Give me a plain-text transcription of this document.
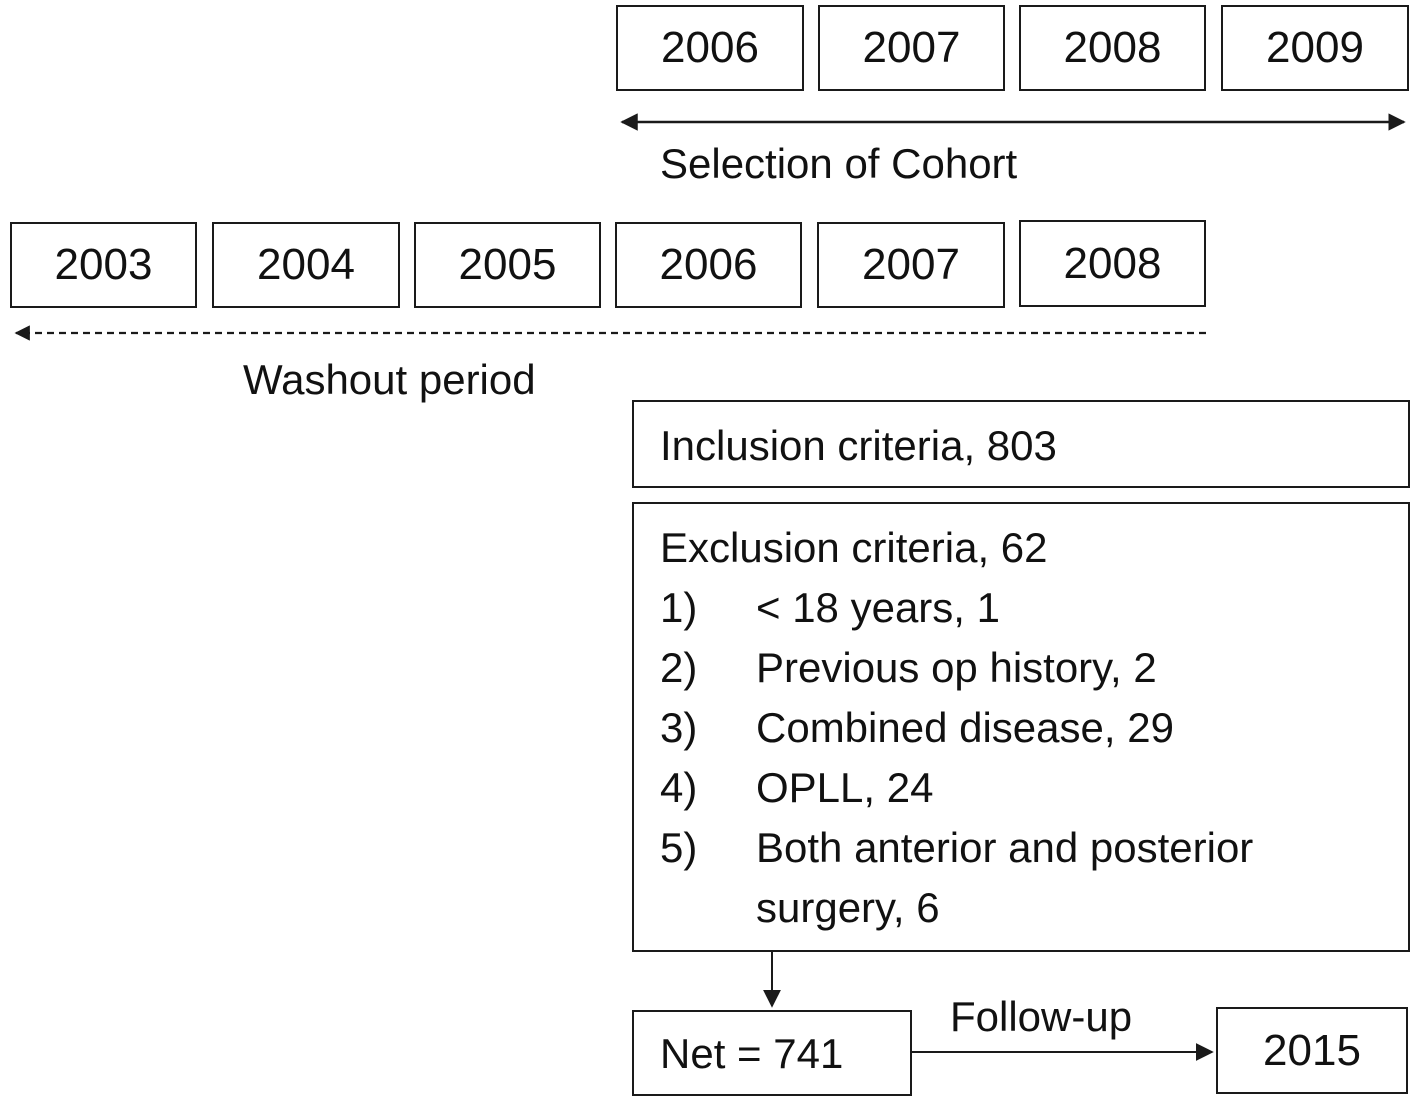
2006 2007 2008 2009
Selection of Cohort
2003 2004 2005 2006 2007 2008
Washout period
Inclusion criteria, 803
Exclusion criteria, 62
1) < 18 years, 1
2) Previous op history, 2
3) Combined disease, 29
4) OPLL, 24
5) Both anterior and posterior
surgery, 6
Net = 741
Follow-up
2015
